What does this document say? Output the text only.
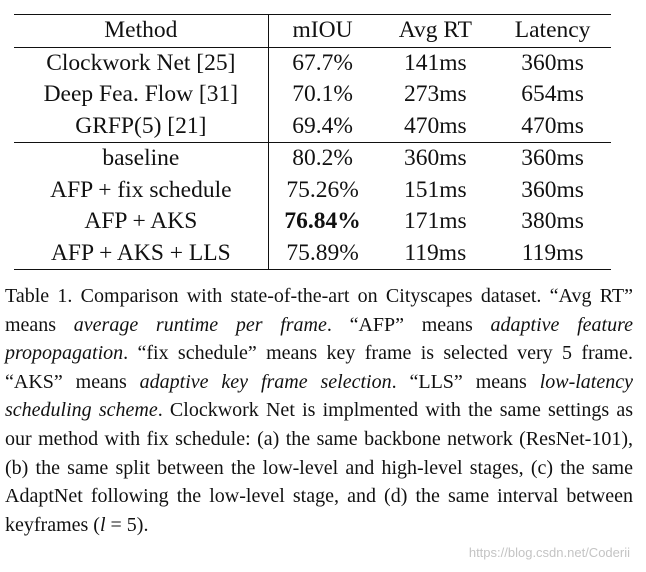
Method	mIOU	Avg RT	Latency
Clockwork Net [25]	67.7%	141ms	360ms
Deep Fea. Flow [31]	70.1%	273ms	654ms
GRFP(5) [21]	69.4%	470ms	470ms
baseline	80.2%	360ms	360ms
AFP + fix schedule	75.26%	151ms	360ms
AFP + AKS	76.84%	171ms	380ms
AFP + AKS + LLS	75.89%	119ms	119ms

Table 1. Comparison with state-of-the-art on Cityscapes dataset. “Avg RT” means average runtime per frame. “AFP” means adaptive feature propopagation. “fix schedule” means key frame is selected very 5 frame. “AKS” means adaptive key frame selection. “LLS” means low-latency scheduling scheme. Clockwork Net is implmented with the same settings as our method with fix schedule: (a) the same backbone network (ResNet-101), (b) the same split between the low-level and high-level stages, (c) the same AdaptNet following the low-level stage, and (d) the same interval between keyframes (l = 5).

https://blog.csdn.net/Coderii
